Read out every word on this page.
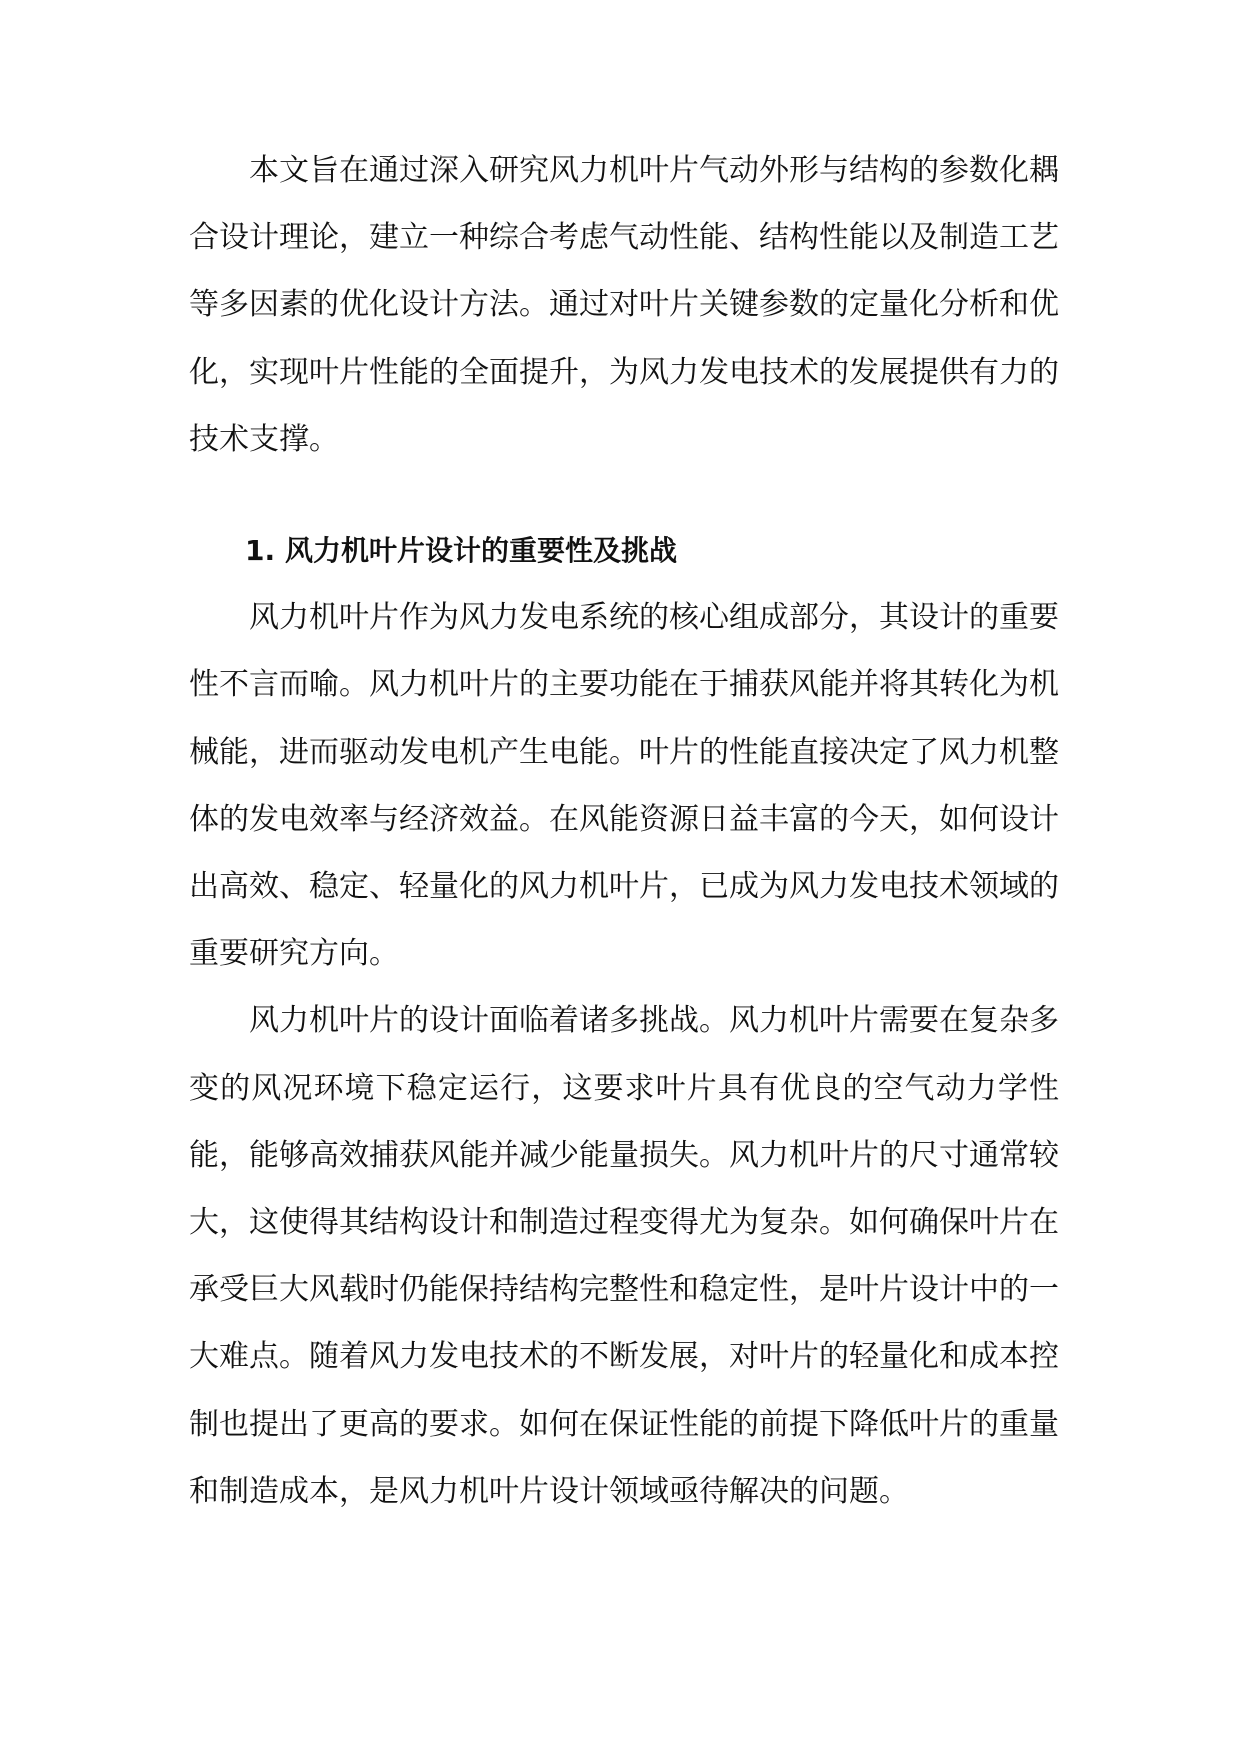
本文旨在通过深入研究风力机叶片气动外形与结构的参数化耦合设计理论，建立一种综合考虑气动性能、结构性能以及制造工艺等多因素的优化设计方法。通过对叶片关键参数的定量化分析和优化，实现叶片性能的全面提升，为风力发电技术的发展提供有力的技术支撑。

1. 风力机叶片设计的重要性及挑战

风力机叶片作为风力发电系统的核心组成部分，其设计的重要性不言而喻。风力机叶片的主要功能在于捕获风能并将其转化为机械能，进而驱动发电机产生电能。叶片的性能直接决定了风力机整体的发电效率与经济效益。在风能资源日益丰富的今天，如何设计出高效、稳定、轻量化的风力机叶片，已成为风力发电技术领域的重要研究方向。

风力机叶片的设计面临着诸多挑战。风力机叶片需要在复杂多变的风况环境下稳定运行，这要求叶片具有优良的空气动力学性能，能够高效捕获风能并减少能量损失。风力机叶片的尺寸通常较大，这使得其结构设计和制造过程变得尤为复杂。如何确保叶片在承受巨大风载时仍能保持结构完整性和稳定性，是叶片设计中的一大难点。随着风力发电技术的不断发展，对叶片的轻量化和成本控制也提出了更高的要求。如何在保证性能的前提下降低叶片的重量和制造成本，是风力机叶片设计领域亟待解决的问题。
